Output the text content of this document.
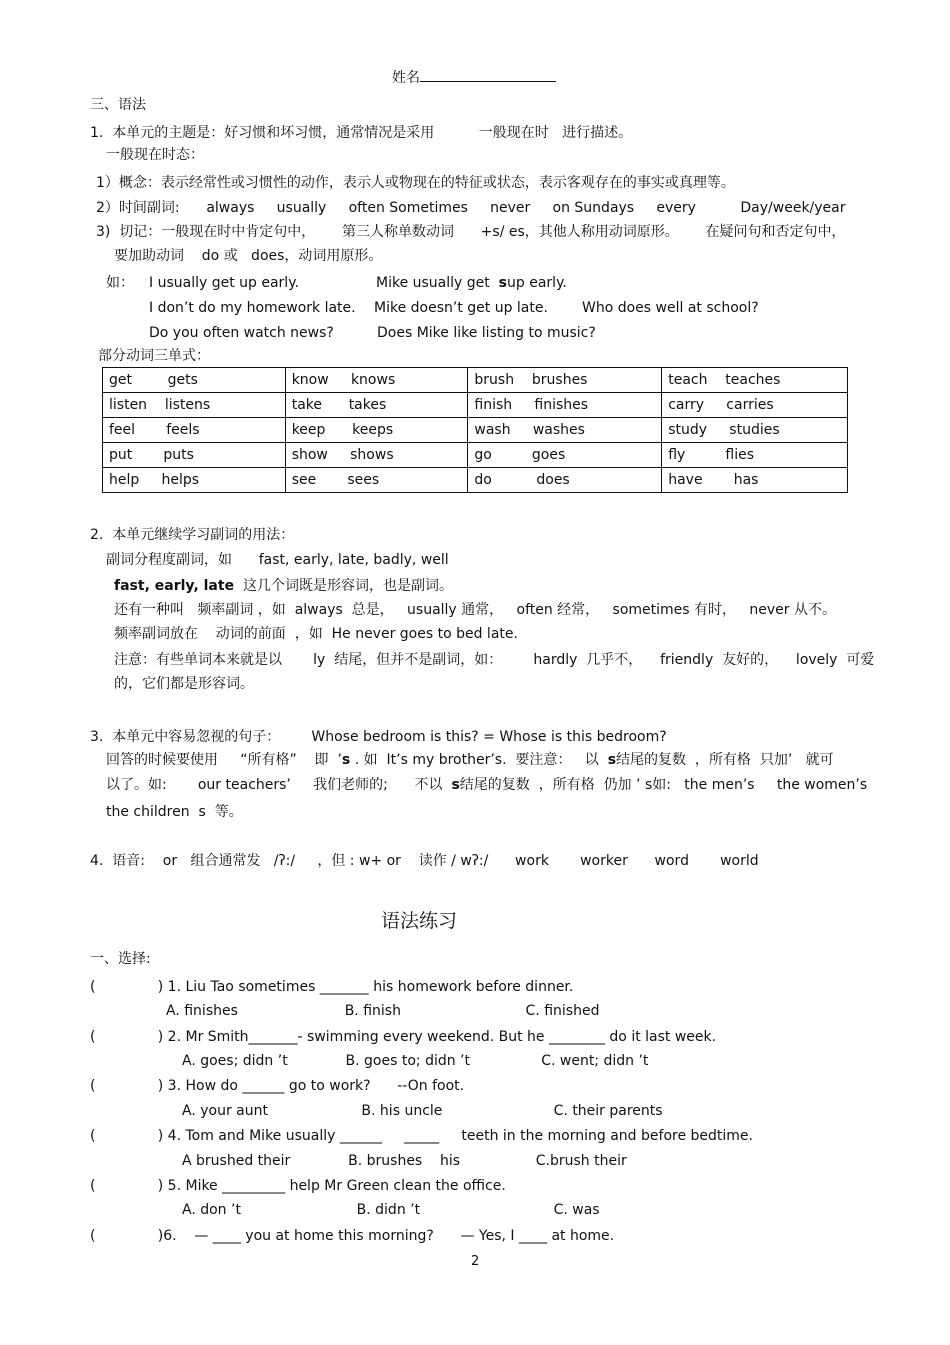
姓名
三、语法
1.  本单元的主题是：好习惯和坏习惯，通常情况是采用          一般现在时   进行描述。
一般现在时态：
1）概念：表示经常性或习惯性的动作，表示人或物现在的特征或状态，表示客观存在的事实或真理等。
2）时间副词:      always     usually     often Sometimes     never     on Sundays     every          Day/week/year
3)  切记：一般现在时中肯定句中，      第三人称单数动词      +s/ es，其他人称用动词原形。      在疑问句和否定句中，
要加助动词    do 或   does，动词用原形。
如： I usually get up early.	Mike usually get  sup early.
I don’t do my homework late. Mike doesn’t get up late. Who does well at school?
Do you often watch news?	Does Mike like listing to music?
部分动词三单式：
get        gets	know     knows	brush    brushes	teach    teaches
listen    listens	take      takes	finish     finishes	carry     carries
feel       feels	keep      keeps	wash     washes	study     studies
put       puts	show     shows	go         goes	fly         flies
help     helps	see       sees	do          does	have       has
2.  本单元继续学习副词的用法：
副词分程度副词，如      fast, early, late, badly, well
fast, early, late  这几个词既是形容词，也是副词。
还有一种叫   频率副词 ，如  always  总是，   usually 通常，   often 经常，   sometimes 有时，   never 从不。
频率副词放在    动词的前面  ，如  He never goes to bed late.
注意：有些单词本来就是以       ly  结尾，但并不是副词，如：       hardly  几乎不，    friendly  友好的，    lovely  可爱
的，它们都是形容词。
3.  本单元中容易忽视的句子：       Whose bedroom is this? = Whose is this bedroom?
回答的时候要使用     “所有格”    即  ’s . 如  It’s my brother’s.  要注意：   以  s结尾的复数  ，所有格  只加’   就可
以了。如:       our teachers’     我们老师的;      不以  s结尾的复数  ，所有格  仍加 ’ s如:   the men’s     the women’s
the children  s  等。
4.  语音:    or   组合通常发   /ʔ:/     ，但 : w+ or    读作 / wʔ:/      work       worker      word       world
语法练习
一、选择:
(              ) 1. Liu Tao sometimes _______ his homework before dinner.
A. finishes                        B. finish                            C. finished
(              ) 2. Mr Smith_______- swimming every weekend. But he ________ do it last week.
A. goes; didn ’t             B. goes to; didn ’t                C. went; didn ’t
(              ) 3. How do ______ go to work?      --On foot.
A. your aunt                     B. his uncle                         C. their parents
(              ) 4. Tom and Mike usually ______     _____     teeth in the morning and before bedtime.
A brushed their             B. brushes    his                 C.brush their
(              ) 5. Mike _________ help Mr Green clean the office.
A. don ’t                          B. didn ’t                              C. was
(              )6.    — ____ you at home this morning?      — Yes, I ____ at home.
2
